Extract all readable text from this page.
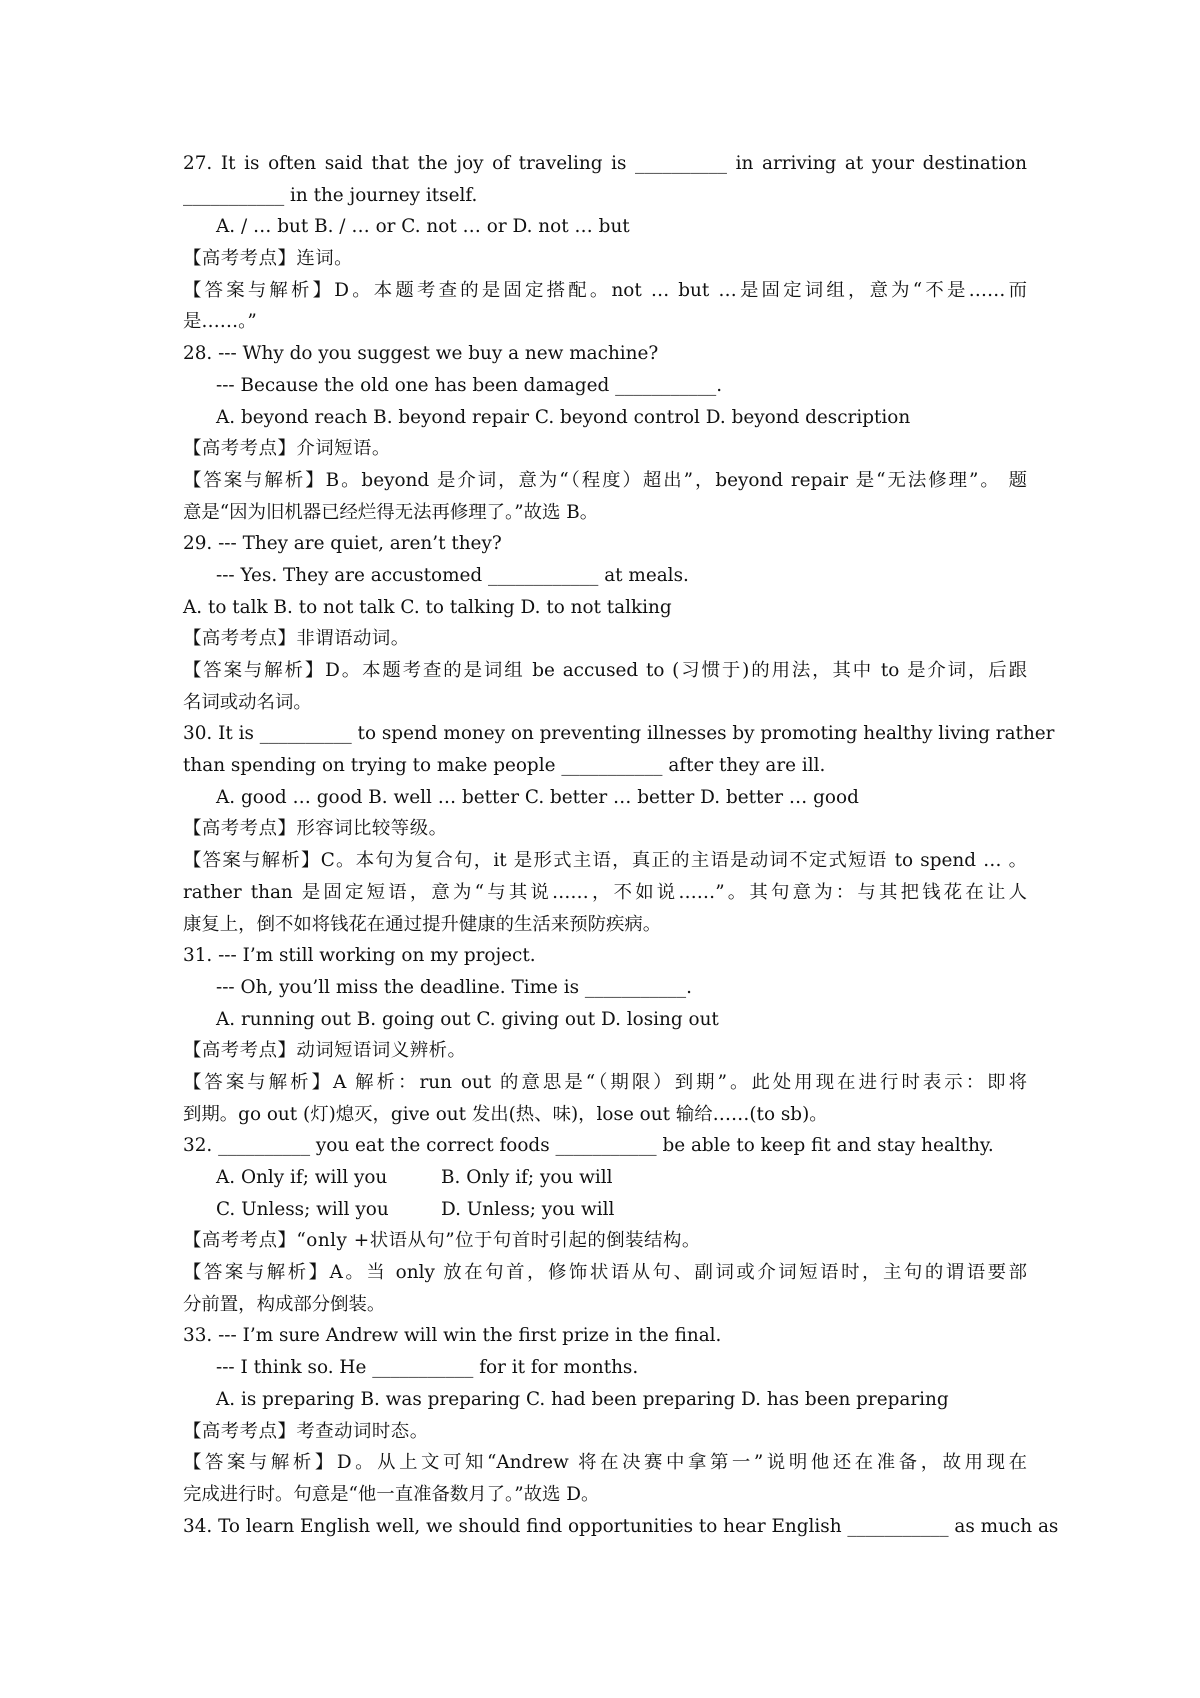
27. It is often said that the joy of traveling is __________ in arriving at your destination
___________ in the journey itself.
A. / … but B. / … or C. not … or D. not … but
【高考考点】连词。
【答案与解析】D。本题考查的是固定搭配。not … but …是固定词组，意为“不是……而
是……。”
28. --- Why do you suggest we buy a new machine?
--- Because the old one has been damaged ___________.
A. beyond reach B. beyond repair C. beyond control D. beyond description
【高考考点】介词短语。
【答案与解析】B。beyond 是介词，意为“（程度）超出”，beyond repair 是“无法修理”。 题
意是“因为旧机器已经烂得无法再修理了。”故选 B。
29. --- They are quiet, aren’t they?
--- Yes. They are accustomed ____________ at meals.
A. to talk B. to not talk C. to talking D. to not talking
【高考考点】非谓语动词。
【答案与解析】D。本题考查的是词组 be accused to (习惯于)的用法，其中 to 是介词，后跟
名词或动名词。
30. It is __________ to spend money on preventing illnesses by promoting healthy living rather
than spending on trying to make people ___________ after they are ill.
A. good … good B. well … better C. better … better D. better … good
【高考考点】形容词比较等级。
【答案与解析】C。本句为复合句，it 是形式主语，真正的主语是动词不定式短语 to spend … 。
rather than 是固定短语，意为“与其说……，不如说……”。其句意为：与其把钱花在让人
康复上，倒不如将钱花在通过提升健康的生活来预防疾病。
31. --- I’m still working on my project.
--- Oh, you’ll miss the deadline. Time is ___________.
A. running out B. going out C. giving out D. losing out
【高考考点】动词短语词义辨析。
【答案与解析】A 解析：run out 的意思是“（期限）到期”。此处用现在进行时表示：即将
到期。go out (灯)熄灭，give out 发出(热、味)，lose out 输给……(to sb)。
32. __________ you eat the correct foods ___________ be able to keep fit and stay healthy.
A. Only if; will you	B. Only if; you will
C. Unless; will you	D. Unless; you will
【高考考点】“only +状语从句”位于句首时引起的倒装结构。
【答案与解析】A。当 only 放在句首，修饰状语从句、副词或介词短语时，主句的谓语要部
分前置，构成部分倒装。
33. --- I’m sure Andrew will win the first prize in the final.
--- I think so. He ___________ for it for months.
A. is preparing B. was preparing C. had been preparing D. has been preparing
【高考考点】考查动词时态。
【答案与解析】D。从上文可知“Andrew 将在决赛中拿第一”说明他还在准备，故用现在
完成进行时。句意是“他一直准备数月了。”故选 D。
34. To learn English well, we should find opportunities to hear English ___________ as much as
